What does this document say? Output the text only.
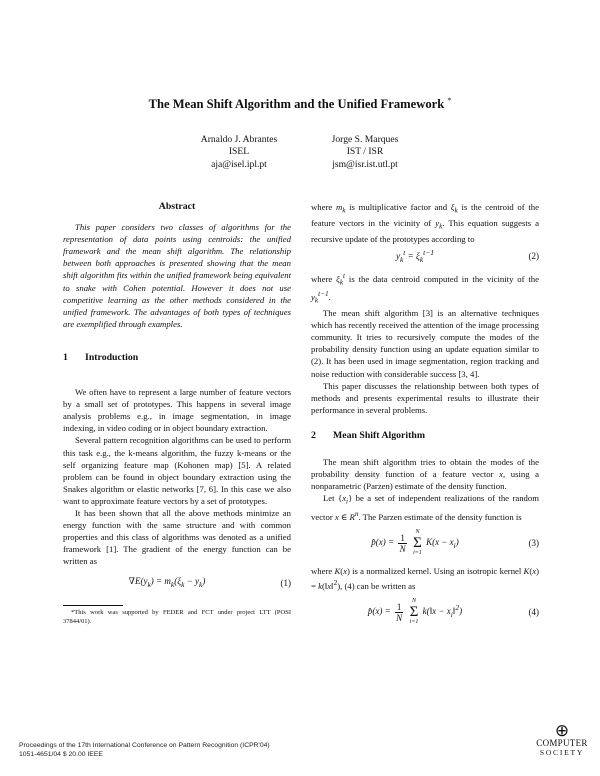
The Mean Shift Algorithm and the Unified Framework *
Arnaldo J. Abrantes
ISEL
aja@isel.ipl.pt
Jorge S. Marques
IST / ISR
jsm@isr.ist.utl.pt
Abstract

This paper considers two classes of algorithms for the representation of data points using centroids: the unified framework and the mean shift algorithm. The relationship between both approaches is presented showing that the mean shift algorithm fits within the unified framework being equivalent to snake with Cohen potential. However it does not use competitive learning as the other methods considered in the unified framework. The advantages of both types of techniques are exemplified through examples.

1 Introduction

We often have to represent a large number of feature vectors by a small set of prototypes. This happens in several image analysis problems e.g., in image segmentation, in image indexing, in video coding or in object boundary extraction.

Several pattern recognition algorithms can be used to perform this task e.g., the k-means algorithm, the fuzzy k-means or the self organizing feature map (Kohonen map) [5]. A related problem can be found in object boundary extraction using the Snakes algorithm or elastic networks [7, 6]. In this case we also want to approximate feature vectors by a set of prototypes.

It has been shown that all the above methods minimize an energy function with the same structure and with common properties and this class of algorithms was denoted as a unified framework [1]. The gradient of the energy function can be written as

$\nabla E(y_k) = m_k(\xi_k - y_k)$	(1)
*This work was supported by FEDER and FCT under project LTT (POSI 37844/01).

where $m_k$ is multiplicative factor and $\xi_k$ is the centroid of the feature vectors in the vicinity of $y_k$. This equation suggests a recursive update of the prototypes according to

$y_k^t = \xi_k^{t-1}$	(2)

where $\xi_k^t$ is the data centroid computed in the vicinity of the $y_k^{t-1}$.

The mean shift algorithm [3] is an alternative techniques which has recently received the attention of the image processing community. It tries to recursively compute the modes of the probability density function using an update equation similar to (2). It has been used in image segmentation, region tracking and noise reduction with considerable success [3, 4].

This paper discusses the relationship between both types of methods and presents experimental results to illustrate their performance in several problems.

2 Mean Shift Algorithm

The mean shift algorithm tries to obtain the modes of the probability density function of a feature vector x, using a nonparametric (Parzen) estimate of the density function.

Let $\{x_i\}$ be a set of independent realizations of the random vector x ∈ $R^n$. The Parzen estimate of the density function is

p̂(x) = $\frac{1}{N}$

N
Σ
i=1
$K(x - x_i)$	(3)

where K(x) is a normalized kernel. Using an isotropic kernel K(x) = k(‖x‖$^2$), (4) can be written as

p̂(x) = $\frac{1}{N}$

N
Σ
i=1
k(‖x − $x_i‖^2$)	(4)
Proceedings of the 17th International Conference on Pattern Recognition (ICPR'04)
1051-4651/04 $ 20.00 IEEE
⊕
COMPUTER
SOCIETY
